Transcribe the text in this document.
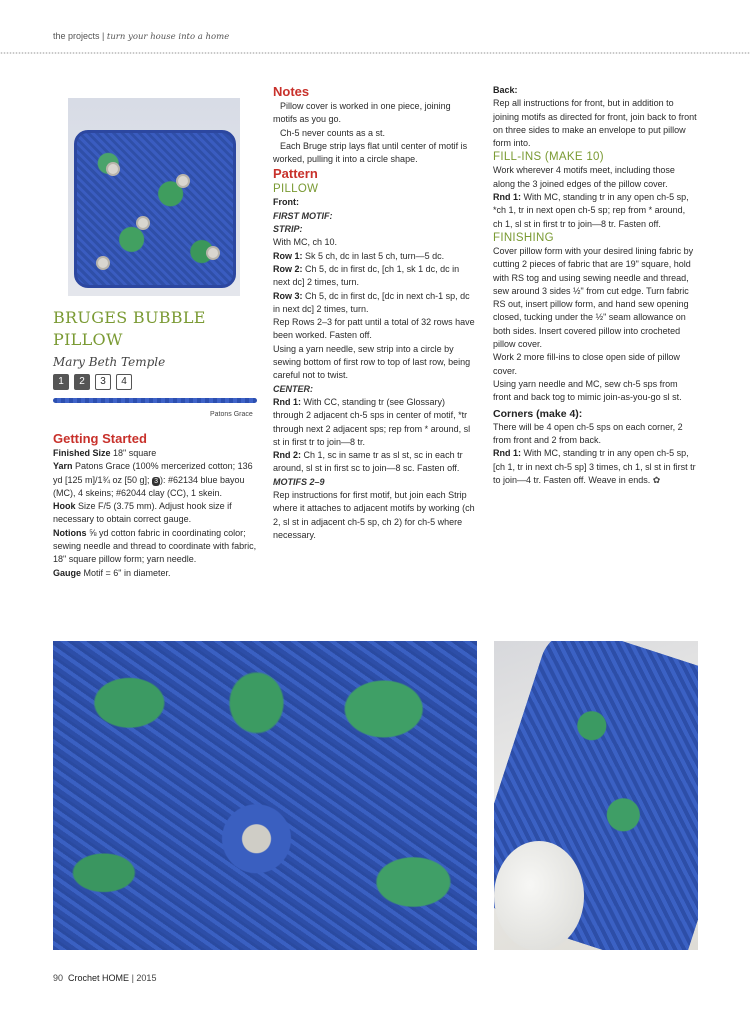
the projects | turn your house into a home
BRUGES BUBBLE
PILLOW
Mary Beth Temple
1	2	3	4
Patons Grace

Getting Started

Finished Size 18" square

Yarn Patons Grace (100% mercerized cotton; 136 yd [125 m]/1¾ oz [50 g]; 3 ): #62134 blue bayou (MC), 4 skeins; #62044 clay (CC), 1 skein.

Hook Size F/5 (3.75 mm). Adjust hook size if necessary to obtain correct gauge.

Notions ⅝ yd cotton fabric in coordinating color; sewing needle and thread to coordinate with fabric, 18" square pillow form; yarn needle.

Gauge Motif = 6" in diameter.

Notes

Pillow cover is worked in one piece, joining motifs as you go.

Ch-5 never counts as a st.

Each Bruge strip lays flat until center of motif is worked, pulling it into a circle shape.

Pattern

PILLOW

Front:

FIRST MOTIF:

STRIP:

With MC, ch 10.

Row 1: Sk 5 ch, dc in last 5 ch, turn—5 dc.

Row 2: Ch 5, dc in first dc, [ch 1, sk 1 dc, dc in next dc] 2 times, turn.

Row 3: Ch 5, dc in first dc, [dc in next ch-1 sp, dc in next dc] 2 times, turn.

Rep Rows 2–3 for patt until a total of 32 rows have been worked. Fasten off.

Using a yarn needle, sew strip into a circle by sewing bottom of first row to top of last row, being careful not to twist.

CENTER:

Rnd 1: With CC, standing tr (see Glossary) through 2 adjacent ch-5 sps in center of motif, *tr through next 2 adjacent sps; rep from * around, sl st in first tr to join—8 tr.

Rnd 2: Ch 1, sc in same tr as sl st, sc in each tr around, sl st in first sc to join—8 sc. Fasten off.

MOTIFS 2–9

Rep instructions for first motif, but join each Strip where it attaches to adjacent motifs by working (ch 2, sl st in adjacent ch-5 sp, ch 2) for ch-5 where necessary.

Back:

Rep all instructions for front, but in addition to joining motifs as directed for front, join back to front on three sides to make an envelope to put pillow form into.

FILL-INS (MAKE 10)

Work wherever 4 motifs meet, including those along the 3 joined edges of the pillow cover.

Rnd 1: With MC, standing tr in any open ch-5 sp, *ch 1, tr in next open ch-5 sp; rep from * around, ch 1, sl st in first tr to join—8 tr. Fasten off.

FINISHING

Cover pillow form with your desired lining fabric by cutting 2 pieces of fabric that are 19" square, hold with RS tog and using sewing needle and thread, sew around 3 sides ½" from cut edge. Turn fabric RS out, insert pillow form, and hand sew opening closed, tucking under the ½" seam allowance on both sides. Insert covered pillow into crocheted pillow cover.

Work 2 more fill-ins to close open side of pillow cover.

Using yarn needle and MC, sew ch-5 sps from front and back tog to mimic join-as-you-go sl st.

Corners (make 4):

There will be 4 open ch-5 sps on each corner, 2 from front and 2 from back.

Rnd 1: With MC, standing tr in any open ch-5 sp, [ch 1, tr in next ch-5 sp] 3 times, ch 1, sl st in first tr to join—4 tr. Fasten off. Weave in ends. ✿

90 Crochet HOME | 2015
